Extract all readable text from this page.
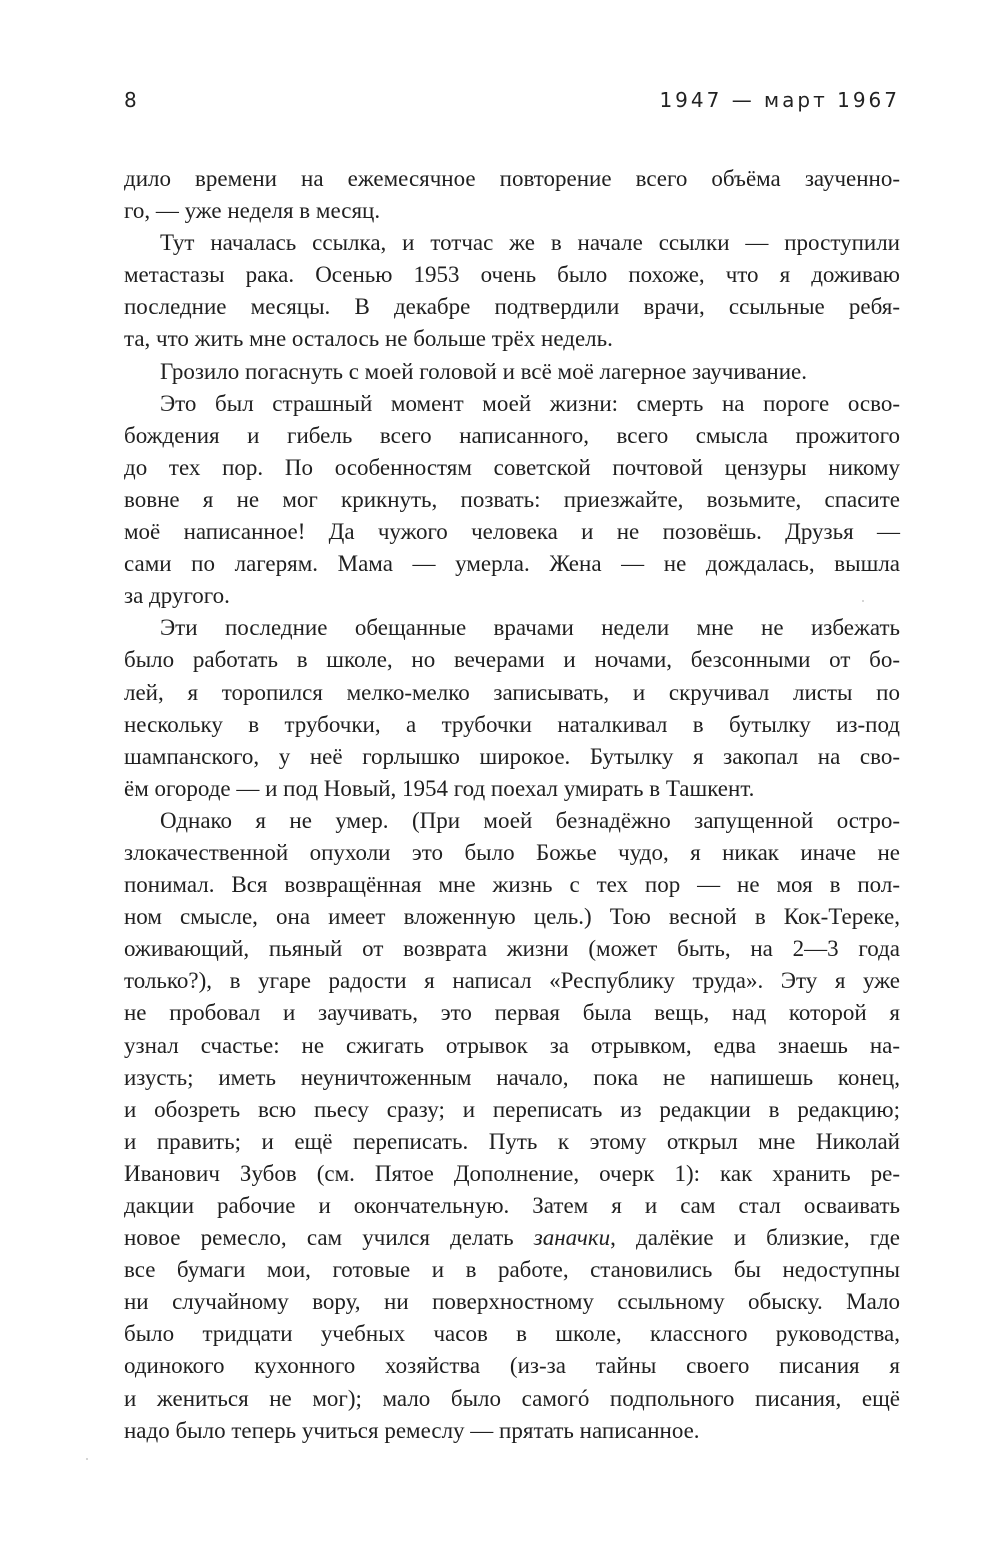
8	1947 — март 1967
дило времени на ежемесячное повторение всего объёма заученно-
го, — уже неделя в месяц.
Тут началась ссылка, и тотчас же в начале ссылки — проступили
метастазы рака. Осенью 1953 очень было похоже, что я доживаю
последние месяцы. В декабре подтвердили врачи, ссыльные ребя-
та, что жить мне осталось не больше трёх недель.
Грозило погаснуть с моей головой и всё моё лагерное заучивание.
Это был страшный момент моей жизни: смерть на пороге осво-
бождения и гибель всего написанного, всего смысла прожитого
до тех пор. По особенностям советской почтовой цензуры никому
вовне я не мог крикнуть, позвать: приезжайте, возьмите, спасите
моё написанное! Да чужого человека и не позовёшь. Друзья —
сами по лагерям. Мама — умерла. Жена — не дождалась, вышла
за другого.
Эти последние обещанные врачами недели мне не избежать
было работать в школе, но вечерами и ночами, безсонными от бо-
лей, я торопился мелко-мелко записывать, и скручивал листы по
нескольку в трубочки, а трубочки наталкивал в бутылку из-под
шампанского, у неё горлышко широкое. Бутылку я закопал на сво-
ём огороде — и под Новый, 1954 год поехал умирать в Ташкент.
Однако я не умер. (При моей безнадёжно запущенной остро-
злокачественной опухоли это было Божье чудо, я никак иначе не
понимал. Вся возвращённая мне жизнь с тех пор — не моя в пол-
ном смысле, она имеет вложенную цель.) Тою весной в Кок-Тереке,
оживающий, пьяный от возврата жизни (может быть, на 2—3 года
только?), в угаре радости я написал «Республику труда». Эту я уже
не пробовал и заучивать, это первая была вещь, над которой я
узнал счастье: не сжигать отрывок за отрывком, едва знаешь на-
изусть; иметь неуничтоженным начало, пока не напишешь конец,
и обозреть всю пьесу сразу; и переписать из редакции в редакцию;
и править; и ещё переписать. Путь к этому открыл мне Николай
Иванович Зубов (см. Пятое Дополнение, очерк 1): как хранить ре-
дакции рабочие и окончательную. Затем я и сам стал осваивать
новое ремесло, сам учился делать заначки, далёкие и близкие, где
все бумаги мои, готовые и в работе, становились бы недоступны
ни случайному вору, ни поверхностному ссыльному обыску. Мало
было тридцати учебных часов в школе, классного руководства,
одинокого кухонного хозяйства (из-за тайны своего писания я
и жениться не мог); мало было самогó подпольного писания, ещё
надо было теперь учиться ремеслу — прятать написанное.
